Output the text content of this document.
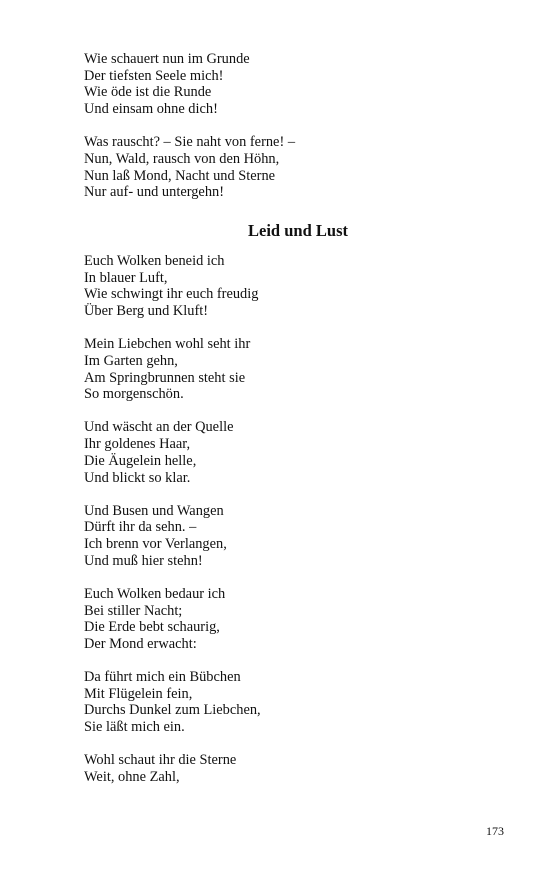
Wie schauert nun im Grunde
Der tiefsten Seele mich!
Wie öde ist die Runde
Und einsam ohne dich!
Was rauscht? – Sie naht von ferne! –
Nun, Wald, rausch von den Höhn,
Nun laß Mond, Nacht und Sterne
Nur auf- und untergehn!
Leid und Lust
Euch Wolken beneid ich
In blauer Luft,
Wie schwingt ihr euch freudig
Über Berg und Kluft!
Mein Liebchen wohl seht ihr
Im Garten gehn,
Am Springbrunnen steht sie
So morgenschön.
Und wäscht an der Quelle
Ihr goldenes Haar,
Die Äugelein helle,
Und blickt so klar.
Und Busen und Wangen
Dürft ihr da sehn. –
Ich brenn vor Verlangen,
Und muß hier stehn!
Euch Wolken bedaur ich
Bei stiller Nacht;
Die Erde bebt schaurig,
Der Mond erwacht:
Da führt mich ein Bübchen
Mit Flügelein fein,
Durchs Dunkel zum Liebchen,
Sie läßt mich ein.
Wohl schaut ihr die Sterne
Weit, ohne Zahl,
173
